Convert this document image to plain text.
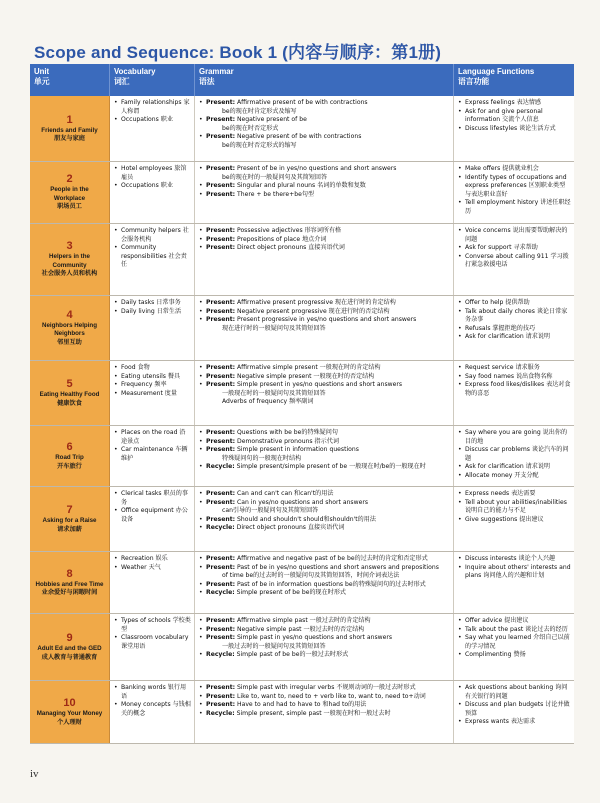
Scope and Sequence: Book 1 (内容与顺序：第1册)
Unit
单元
Vocabulary
词汇
Grammar
语法
Language Functions
语言功能
1
Friends and Family
朋友与家庭
• Family relationships 家人称谓
• Occupations 职业
• Present: Affirmative present of be with contractions
be的现在时肯定形式及缩写
• Present: Negative present of be
be的现在时否定形式
• Present: Negative present of be with contractions
be的现在时否定形式的缩写
• Express feelings 表达情感
• Ask for and give personal information 交流个人信息
• Discuss lifestyles 谈论生活方式
2
People in the Workplace
职场员工
• Hotel employees 旅馆雇员
• Occupations 职业
• Present: Present of be in yes/no questions and short answers
be的现在时的一般疑问句及其简短回答
• Present: Singular and plural nouns 名词的单数和复数
• Present: There + be there+be句型
• Make offers 提供就业机会
• Identify types of occupations and express preferences 区别职业类型与表达职业喜好
• Tell employment history 讲述任职经历
3
Helpers in the Community
社会服务人员和机构
• Community helpers 社会服务机构
• Community responsibilities 社会责任
• Present: Possessive adjectives 形容词所有格
• Present: Prepositions of place 地点介词
• Present: Direct object pronouns 直接宾语代词
• Voice concerns 说出需要帮助解决的问题
• Ask for support 寻求帮助
• Converse about calling 911 学习拨打紧急救援电话
4
Neighbors Helping Neighbors
邻里互助
• Daily tasks 日常事务
• Daily living 日常生活
• Present: Affirmative present progressive 现在进行时的肯定结构
• Present: Negative present progressive 现在进行时的否定结构
• Present: Present progressive in yes/no questions and short answers
现在进行时的一般疑问句及其简短回答
• Offer to help 提供帮助
• Talk about daily chores 谈论日常家务杂事
• Refusals 掌握拒绝的技巧
• Ask for clarification 请求说明
5
Eating Healthy Food
健康饮食
• Food 食物
• Eating utensils 餐具
• Frequency 频率
• Measurement 度量
• Present: Affirmative simple present 一般现在时的肯定结构
• Present: Negative simple present 一般现在时的否定结构
• Present: Simple present in yes/no questions and short answers
一般现在时的一般疑问句及其简短回答
Adverbs of frequency 频率副词
• Request service 请求服务
• Say food names 说出食物名称
• Express food likes/dislikes 表达对食物的喜恶
6
Road Trip
开车旅行
• Places on the road 沿途景点
• Car maintenance 车辆维护
• Present: Questions with be be的特殊疑问句
• Present: Demonstrative pronouns 指示代词
• Present: Simple present in information questions
特殊疑问句的一般现在时结构
• Recycle: Simple present/simple present of be 一般现在时/be的一般现在时
• Say where you are going 说出你的目的地
• Discuss car problems 谈论汽车的问题
• Ask for clarification 请求说明
• Allocate money 开支分配
7
Asking for a Raise
请求加薪
• Clerical tasks 职员的事务
• Office equipment 办公设备
• Present: Can and can't can 和can't的用法
• Present: Can in yes/no questions and short answers
can引导的一般疑问句及其简短回答
• Present: Should and shouldn't should和shouldn't的用法
• Recycle: Direct object pronouns 直接宾语代词
• Express needs 表达需要
• Tell about your abilities/inabilities 说明自己的能力与不足
• Give suggestions 提出建议
8
Hobbies and Free Time
业余爱好与闲暇时间
• Recreation 娱乐
• Weather 天气
• Present: Affirmative and negative past of be be的过去时的肯定和否定形式
• Present: Past of be in yes/no questions and short answers and prepositions
of time be的过去时的一般疑问句及其简短回答，时间介词表达法
• Present: Past of be in information questions be的特殊疑问句的过去时形式
• Recycle: Simple present of be be的现在时形式
• Discuss interests 谈论个人兴趣
• Inquire about others' interests and plans 询问他人的兴趣和计划
9
Adult Ed and the GED
成人教育与普通教育
• Types of schools 学校类型
• Classroom vocabulary 课堂用语
• Present: Affirmative simple past 一般过去时的肯定结构
• Present: Negative simple past 一般过去时的否定结构
• Present: Simple past in yes/no questions and short answers
一般过去时的一般疑问句及其简短回答
• Recycle: Simple past of be be的一般过去时形式
• Offer advice 提出建议
• Talk about the past 谈论过去的经历
• Say what you learned 介绍自己以前的学习情况
• Complimenting 赞扬
10
Managing Your Money
个人理财
• Banking words 银行用语
• Money concepts 与钱相关的概念
• Present: Simple past with irregular verbs 不规则动词的一般过去时形式
• Present: Like to, want to, need to + verb like to, want to, need to+动词
• Present: Have to and had to have to 和had to的用法
• Recycle: Simple present, simple past 一般现在时和一般过去时
• Ask questions about banking 询问有关银行的问题
• Discuss and plan budgets 讨论并做预算
• Express wants 表达需求
iv
